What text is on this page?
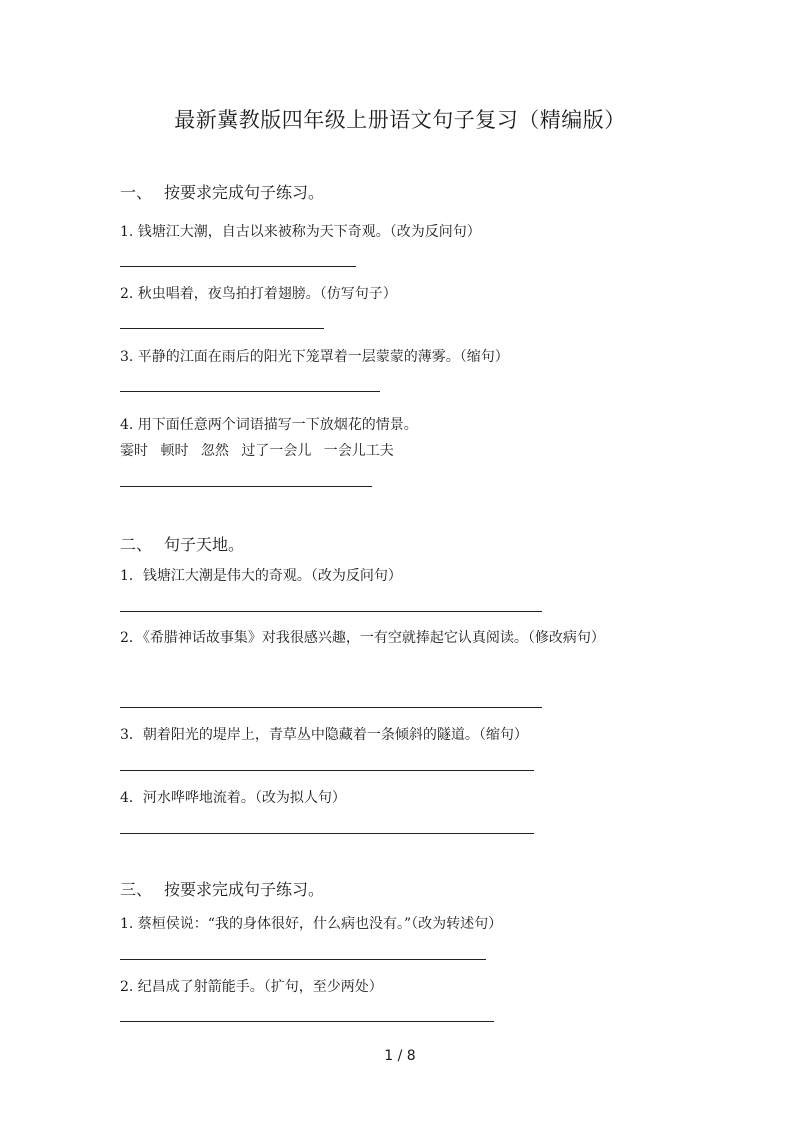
最新冀教版四年级上册语文句子复习（精编版）
一、 按要求完成句子练习。
1. 钱塘江大潮，自古以来被称为天下奇观。（改为反问句）
2. 秋虫唱着，夜鸟拍打着翅膀。（仿写句子）
3. 平静的江面在雨后的阳光下笼罩着一层蒙蒙的薄雾。（缩句）
4. 用下面任意两个词语描写一下放烟花的情景。
霎时 顿时 忽然 过了一会儿 一会儿工夫
二、 句子天地。
1．钱塘江大潮是伟大的奇观。（改为反问句）
2．《希腊神话故事集》对我很感兴趣，一有空就捧起它认真阅读。（修改病句）
3．朝着阳光的堤岸上，青草丛中隐藏着一条倾斜的隧道。（缩句）
4．河水哗哗地流着。（改为拟人句）
三、 按要求完成句子练习。
1. 蔡桓侯说：“我的身体很好，什么病也没有。”（改为转述句）
2. 纪昌成了射箭能手。（扩句，至少两处）
1 / 8
